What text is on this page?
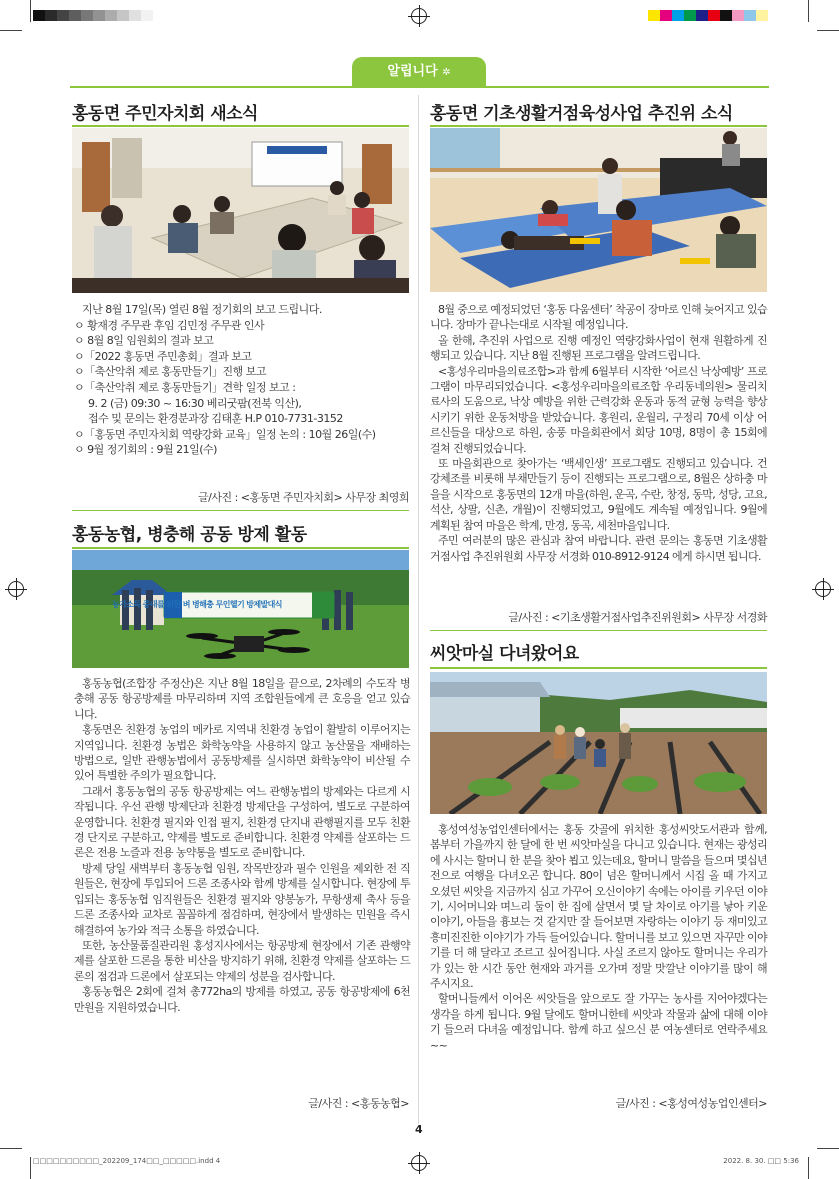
알립니다 ✲
홍동면 주민자치회 새소식
지난 8월 17일(목) 열린 8월 정기회의 보고 드립니다.
ㅇ 황재경 주무관 후임 김민정 주무관 인사
ㅇ 8월 8일 임원회의 결과 보고
ㅇ「2022 홍동면 주민총회」결과 보고
ㅇ「축산악취 제로 홍동만들기」진행 보고
ㅇ「축산악취 제로 홍동만들기」견학 일정 보고 :
9. 2 (금) 09:30 ~ 16:30 베리굿팜(전북 익산),
접수 및 문의는 환경분과장 김태훈 H.P 010-7731-3152
ㅇ「홍동면 주민자치회 역량강화 교육」일정 논의 : 10월 26일(수)
ㅇ 9월 정기회의 : 9월 21일(수)
글/사진 : <홍동면 주민자치회> 사무장 최영희
홍동농협, 병충해 공동 방제 활동
농가소득 증대를 위한 벼 병해충 무인헬기 방제발대식

홍동농협(조합장 주정산)은 지난 8월 18일을 끝으로, 2차례의 수도작 병충해 공동 항공방제를 마무리하며 지역 조합원들에게 큰 호응을 얻고 있습니다.

홍동면은 친환경 농업의 메카로 지역내 친환경 농업이 활발히 이루어지는 지역입니다. 친환경 농법은 화학농약을 사용하지 않고 농산물을 재배하는 방법으로, 일반 관행농법에서 공동방제를 실시하면 화학농약이 비산될 수 있어 특별한 주의가 필요합니다.

그래서 홍동농협의 공동 항공방제는 여느 관행농법의 방제와는 다르게 시작됩니다. 우선 관행 방제단과 친환경 방제단을 구성하여, 별도로 구분하여 운영합니다. 친환경 필지와 인접 필지, 친환경 단지내 관행필지를 모두 친환경 단지로 구분하고, 약제를 별도로 준비합니다. 친환경 약제를 살포하는 드론은 전용 노즐과 전용 농약통을 별도로 준비합니다.

방제 당일 새벽부터 홍동농협 임원, 작목반장과 필수 인원을 제외한 전 직원들은, 현장에 투입되어 드론 조종사와 함께 방제를 실시합니다. 현장에 투입되는 홍동농협 임직원들은 친환경 필지와 양봉농가, 무항생제 축사 등을 드론 조종사와 교차로 꼼꼼하게 점검하며, 현장에서 발생하는 민원을 즉시 해결하여 농가와 적극 소통을 하였습니다.

또한, 농산물품질관리원 홍성지사에서는 항공방제 현장에서 기존 관행약제를 살포한 드론을 통한 비산을 방지하기 위해, 친환경 약제를 살포하는 드론의 점검과 드론에서 살포되는 약제의 성분을 검사합니다.

홍동농협은 2회에 걸쳐 총772ha의 방제를 하였고, 공동 항공방제에 6천만원을 지원하였습니다.

글/사진 : <홍동농협>
홍동면 기초생활거점육성사업 추진위 소식

8월 중으로 예정되었던 ‘홍동 다움센터’ 착공이 장마로 인해 늦어지고 있습니다. 장마가 끝나는대로 시작될 예정입니다.

올 한해, 추진위 사업으로 진행 예정인 역량강화사업이 현재 원활하게 진행되고 있습니다. 지난 8월 진행된 프로그램을 알려드립니다.

<홍성우리마을의료조합>과 함께 6월부터 시작한 ‘어르신 낙상예방’ 프로그램이 마무리되었습니다. <홍성우리마을의료조합 우리동네의원> 물리치료사의 도움으로, 낙상 예방을 위한 근력강화 운동과 동적 균형 능력을 향상시키기 위한 운동처방을 받았습니다. 홍원리, 운월리, 구정리 70세 이상 어르신들을 대상으로 하원, 송풍 마을회관에서 회당 10명, 8명이 총 15회에 걸쳐 진행되었습니다.

또 마을회관으로 찾아가는 ‘백세인생’ 프로그램도 진행되고 있습니다. 건강체조를 비롯해 부채만들기 등이 진행되는 프로그램으로, 8월은 상하충 마을을 시작으로 홍동면의 12개 마을(하원, 운곡, 수란, 창정, 동막, 성당, 고요, 석산, 상팔, 신촌, 개월)이 진행되었고, 9월에도 계속될 예정입니다. 9월에 계획된 참여 마을은 학계, 만경, 동곡, 세천마을입니다.

주민 여러분의 많은 관심과 참여 바랍니다. 관련 문의는 홍동면 기초생활거점사업 추진위원회 사무장 서경화 010-8912-9124 에게 하시면 됩니다.

글/사진 : <기초생활거점사업추진위원회> 사무장 서경화
씨앗마실 다녀왔어요

홍성여성농업인센터에서는 홍동 갓골에 위치한 홍성씨앗도서관과 함께, 봄부터 가을까지 한 달에 한 번 씨앗마실을 다니고 있습니다. 현재는 광성리에 사시는 할머니 한 분을 찾아 뵙고 있는데요, 할머니 말씀을 들으며 몇십년 전으로 여행을 다녀오곤 합니다. 80이 넘은 할머니께서 시집 올 때 가지고 오셨던 씨앗을 지금까지 심고 가꾸어 오신이야기 속에는 아이를 키우던 이야기, 시어머니와 며느리 둘이 한 집에 살면서 몇 달 차이로 아기를 낳아 키운 이야기, 아들을 흉보는 것 같지만 잘 들어보면 자랑하는 이야기 등 재미있고 흥미진진한 이야기가 가득 들어있습니다. 할머니를 보고 있으면 자꾸만 이야기를 더 해 달라고 조르고 싶어집니다. 사실 조르지 않아도 할머니는 우리가 가 있는 한 시간 동안 현재와 과거를 오가며 정말 맛깔난 이야기를 많이 해 주시지요.

할머니들께서 이어온 씨앗들을 앞으로도 잘 가꾸는 농사를 지어야겠다는 생각을 하게 됩니다. 9월 달에도 할머니한테 씨앗과 작물과 삶에 대해 이야기 들으러 다녀올 예정입니다. 함께 하고 싶으신 분 여농센터로 연락주세요~~

글/사진 : <홍성여성농업인센터>
4
□□□□□□□□□□_202209_174□□_□□□□□.indd 4	2022. 8. 30. □□ 5:36
